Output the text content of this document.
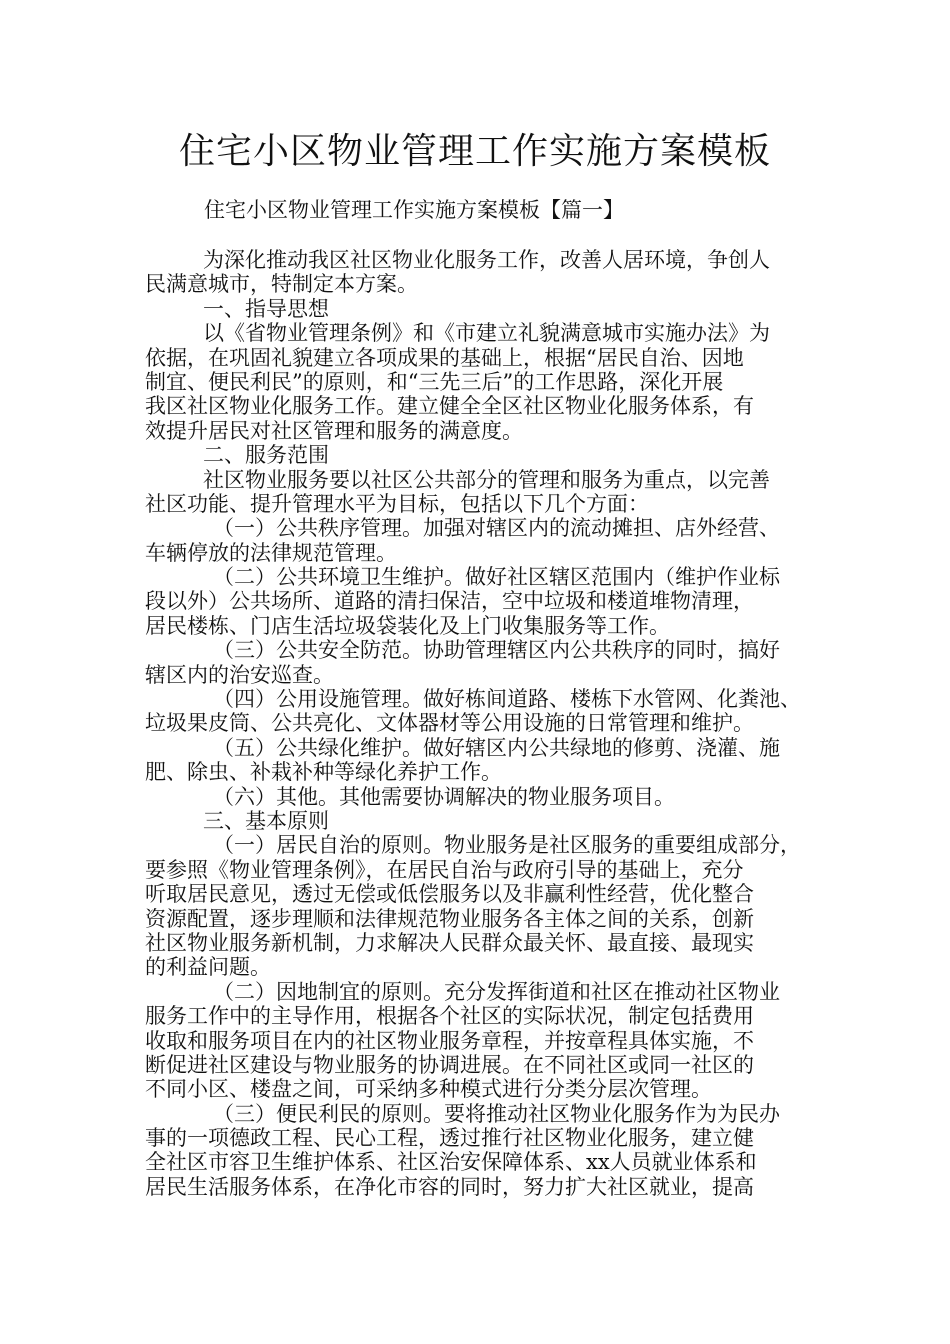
住宅小区物业管理工作实施方案模板

住宅小区物业管理工作实施方案模板【篇一】

为深化推动我区社区物业化服务工作，改善人居环境，争创人
民满意城市，特制定本方案。
一、指导思想
以《省物业管理条例》和《市建立礼貌满意城市实施办法》为
依据，在巩固礼貌建立各项成果的基础上，根据“居民自治、因地
制宜、便民利民”的原则，和“三先三后”的工作思路，深化开展
我区社区物业化服务工作。建立健全全区社区物业化服务体系，有
效提升居民对社区管理和服务的满意度。
二、服务范围
社区物业服务要以社区公共部分的管理和服务为重点，以完善
社区功能、提升管理水平为目标，包括以下几个方面：
（一）公共秩序管理。加强对辖区内的流动摊担、店外经营、
车辆停放的法律规范管理。
（二）公共环境卫生维护。做好社区辖区范围内（维护作业标
段以外）公共场所、道路的清扫保洁，空中垃圾和楼道堆物清理，
居民楼栋、门店生活垃圾袋装化及上门收集服务等工作。
（三）公共安全防范。协助管理辖区内公共秩序的同时，搞好
辖区内的治安巡查。
（四）公用设施管理。做好栋间道路、楼栋下水管网、化粪池、
垃圾果皮筒、公共亮化、文体器材等公用设施的日常管理和维护。
（五）公共绿化维护。做好辖区内公共绿地的修剪、浇灌、施
肥、除虫、补栽补种等绿化养护工作。
（六）其他。其他需要协调解决的物业服务项目。
三、基本原则
（一）居民自治的原则。物业服务是社区服务的重要组成部分，
要参照《物业管理条例》，在居民自治与政府引导的基础上，充分
听取居民意见，透过无偿或低偿服务以及非赢利性经营，优化整合
资源配置，逐步理顺和法律规范物业服务各主体之间的关系，创新
社区物业服务新机制，力求解决人民群众最关怀、最直接、最现实
的利益问题。
（二）因地制宜的原则。充分发挥街道和社区在推动社区物业
服务工作中的主导作用，根据各个社区的实际状况，制定包括费用
收取和服务项目在内的社区物业服务章程，并按章程具体实施，不
断促进社区建设与物业服务的协调进展。在不同社区或同一社区的
不同小区、楼盘之间，可采纳多种模式进行分类分层次管理。
（三）便民利民的原则。要将推动社区物业化服务作为为民办
事的一项德政工程、民心工程，透过推行社区物业化服务，建立健
全社区市容卫生维护体系、社区治安保障体系、xx人员就业体系和
居民生活服务体系，在净化市容的同时，努力扩大社区就业，提高
